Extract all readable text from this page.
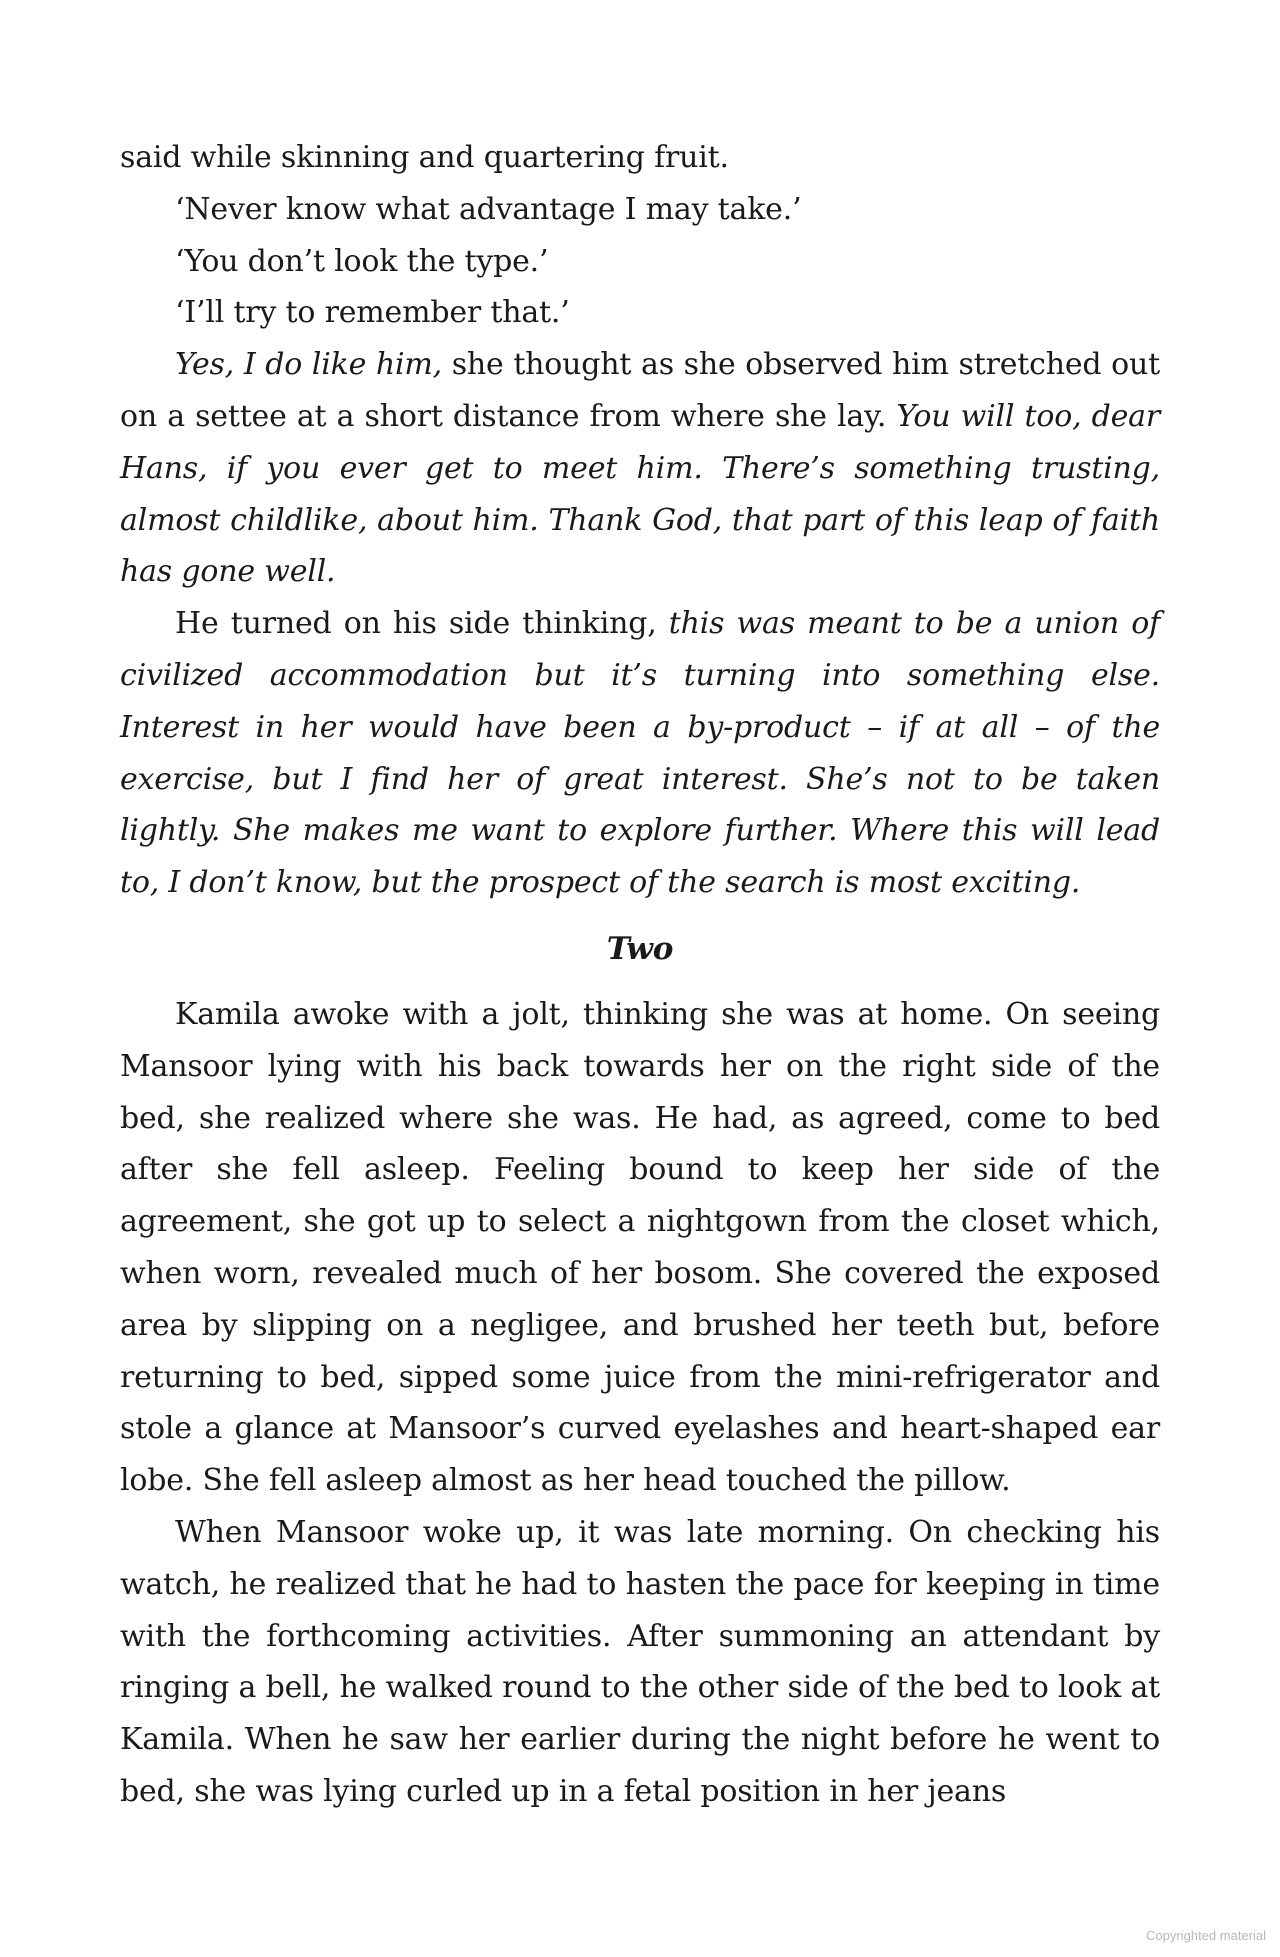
said while skinning and quartering fruit.

‘Never know what advantage I may take.’

‘You don’t look the type.’

‘I’ll try to remember that.’

Yes, I do like him, she thought as she observed him stretched out on a settee at a short distance from where she lay. You will too, dear Hans, if you ever get to meet him. There’s something trusting, almost childlike, about him. Thank God, that part of this leap of faith has gone well.

He turned on his side thinking, this was meant to be a union of civilized accommodation but it’s turning into something else. Interest in her would have been a by-product – if at all – of the exercise, but I find her of great interest. She’s not to be taken lightly. She makes me want to explore further. Where this will lead to, I don’t know, but the prospect of the search is most exciting.

Two

Kamila awoke with a jolt, thinking she was at home. On seeing Mansoor lying with his back towards her on the right side of the bed, she realized where she was. He had, as agreed, come to bed after she fell asleep. Feeling bound to keep her side of the agreement, she got up to select a nightgown from the closet which, when worn, revealed much of her bosom. She covered the exposed area by slipping on a negligee, and brushed her teeth but, before returning to bed, sipped some juice from the mini-refrigerator and stole a glance at Mansoor’s curved eyelashes and heart-shaped ear lobe. She fell asleep almost as her head touched the pillow.

When Mansoor woke up, it was late morning. On checking his watch, he realized that he had to hasten the pace for keeping in time with the forthcoming activities. After summoning an attendant by ringing a bell, he walked round to the other side of the bed to look at Kamila. When he saw her earlier during the night before he went to bed, she was lying curled up in a fetal position in her jeans

Copyrighted material
